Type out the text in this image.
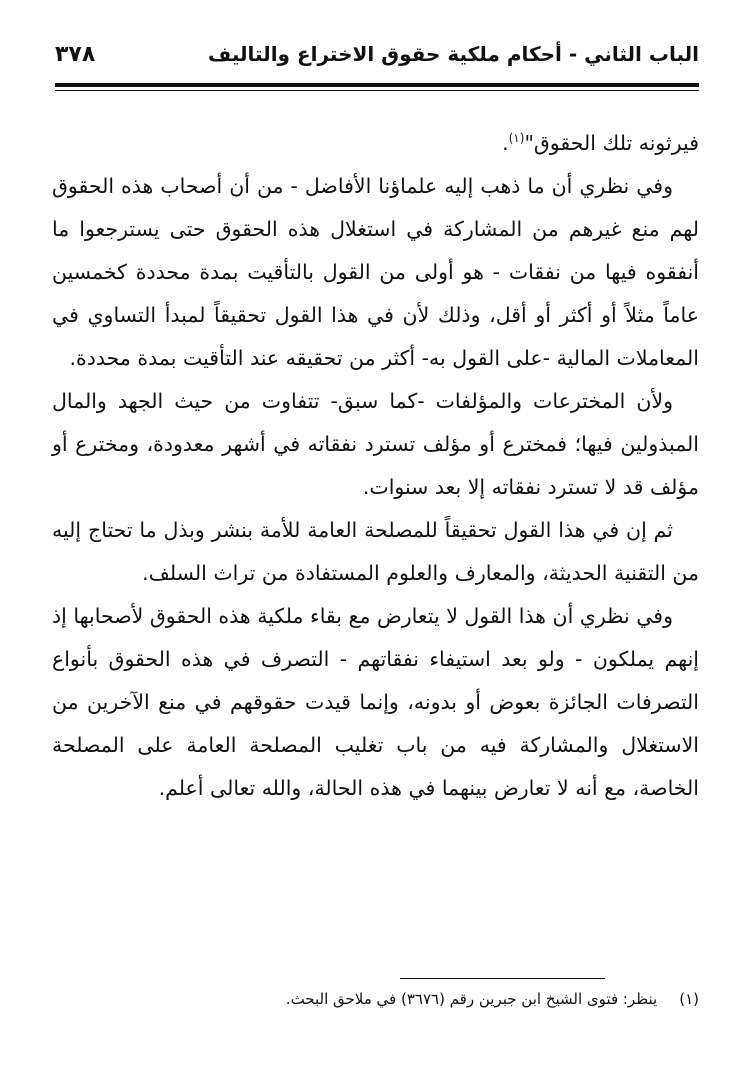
الباب الثاني - أحكام ملكية حقوق الاختراع والتاليف
٣٧٨

فيرثونه تلك الحقوق"$^{(١)}$.

وفي نظري أن ما ذهب إليه علماؤنا الأفاضل - من أن أصحاب هذه الحقوق لهم منع غيرهم من المشاركة في استغلال هذه الحقوق حتى يسترجعوا ما أنفقوه فيها من نفقات - هو أولى من القول بالتأقيت بمدة محددة كخمسين عاماً مثلاً أو أكثر أو أقل، وذلك لأن في هذا القول تحقيقاً لمبدأ التساوي في المعاملات المالية -على القول به- أكثر من تحقيقه عند التأقيت بمدة محددة.

ولأن المخترعات والمؤلفات -كما سبق- تتفاوت من حيث الجهد والمال المبذولين فيها؛ فمخترع أو مؤلف تسترد نفقاته في أشهر معدودة، ومخترع أو مؤلف قد لا تسترد نفقاته إلا بعد سنوات.

ثم إن في هذا القول تحقيقاً للمصلحة العامة للأمة بنشر وبذل ما تحتاج إليه من التقنية الحديثة، والمعارف والعلوم المستفادة من تراث السلف.

وفي نظري أن هذا القول لا يتعارض مع بقاء ملكية هذه الحقوق لأصحابها إذ إنهم يملكون - ولو بعد استيفاء نفقاتهم - التصرف في هذه الحقوق بأنواع التصرفات الجائزة بعوض أو بدونه، وإنما قيدت حقوقهم في منع الآخرين من الاستغلال والمشاركة فيه من باب تغليب المصلحة العامة على المصلحة الخاصة، مع أنه لا تعارض بينهما في هذه الحالة، والله تعالى أعلم.

(١)ينظر: فتوى الشيخ ابن جبرين رقم (٣٦٧٦) في ملاحق البحث.
